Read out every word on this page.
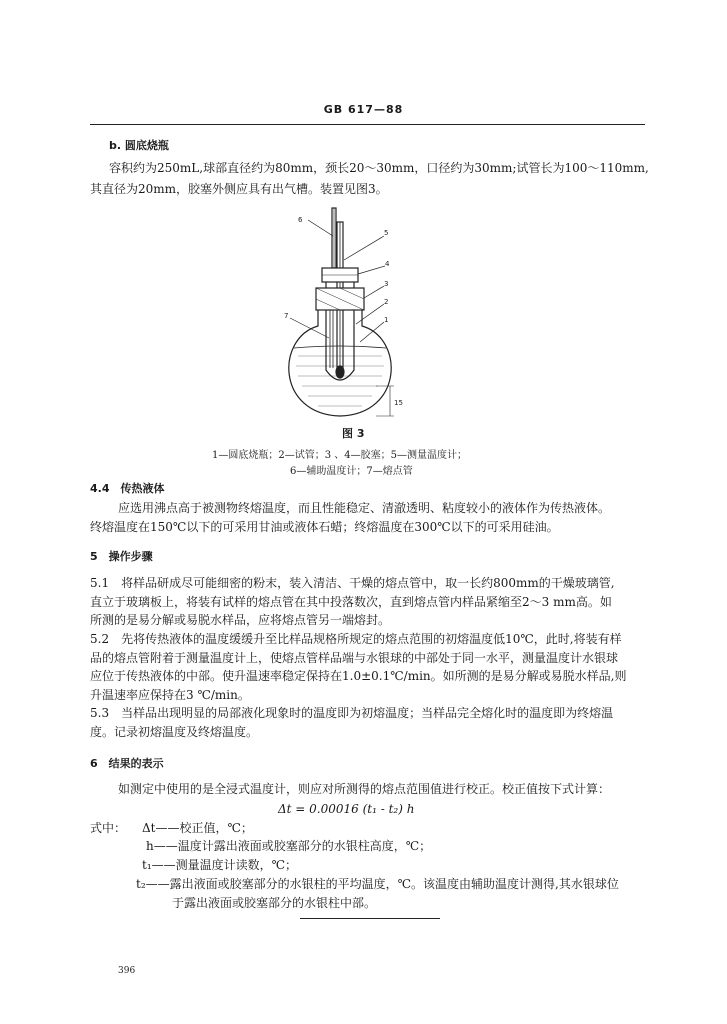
GB 617—88
b. 圆底烧瓶
容积约为250mL,球部直径约为80mm，颈长20～30mm，口径约为30mm;试管长为100～110mm,
其直径为20mm，胶塞外侧应具有出气槽。装置见图3。
6
5
4
3
2
1
7
15
图 3
1—圆底烧瓶；2—试管；3 、4—胶塞；5—测量温度计；
6—辅助温度计；7—熔点管
4.4　传热液体
应选用沸点高于被测物终熔温度，而且性能稳定、清澈透明、粘度较小的液体作为传热液体。
终熔温度在150℃以下的可采用甘油或液体石蜡；终熔温度在300℃以下的可采用硅油。
5　操作步骤
5.1　将样品研成尽可能细密的粉末，装入清洁、干燥的熔点管中，取一长约800mm的干燥玻璃管,
直立于玻璃板上，将装有试样的熔点管在其中投落数次，直到熔点管内样品紧缩至2～3 mm高。如
所测的是易分解或易脱水样品，应将熔点管另一端熔封。
5.2　先将传热液体的温度缓缓升至比样品规格所规定的熔点范围的初熔温度低10℃，此时,将装有样
品的熔点管附着于测量温度计上，使熔点管样品端与水银球的中部处于同一水平，测量温度计水银球
应位于传热液体的中部。使升温速率稳定保持在1.0±0.1℃/min。如所测的是易分解或易脱水样品,则
升温速率应保持在3 ℃/min。
5.3　当样品出现明显的局部液化现象时的温度即为初熔温度；当样品完全熔化时的温度即为终熔温
度。记录初熔温度及终熔温度。
6　结果的表示
如测定中使用的是全浸式温度计，则应对所测得的熔点范围值进行校正。校正值按下式计算：
Δt = 0.00016 (t₁ - t₂) h
式中： Δt——校正值，℃；
h——温度计露出液面或胶塞部分的水银柱高度，℃；
t₁——测量温度计读数，℃；
t₂——露出液面或胶塞部分的水银柱的平均温度，℃。该温度由辅助温度计测得,其水银球位
于露出液面或胶塞部分的水银柱中部。
396
